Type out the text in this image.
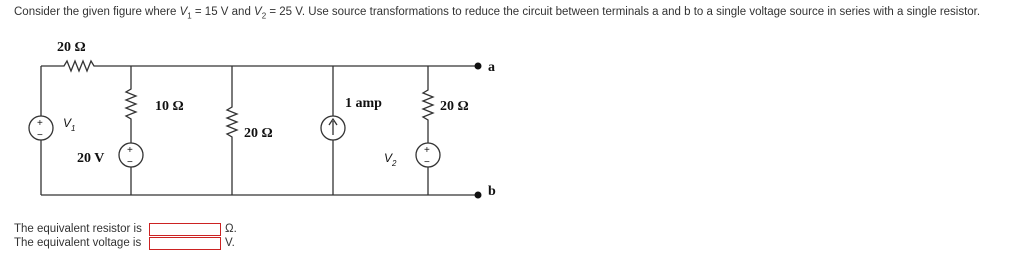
Consider the given figure where $V_1 = 15$ V and $V_2 = 25$ V. Use source transformations to reduce the circuit between terminals a and b to a single voltage source in series with a single resistor.
+
−
+
−
+
−
20 Ω
10 Ω
20 Ω
20 Ω
1 amp
20 V
a
b
$V_1$
$V_2$
The equivalent resistor is	Ω.
The equivalent voltage is	V.
